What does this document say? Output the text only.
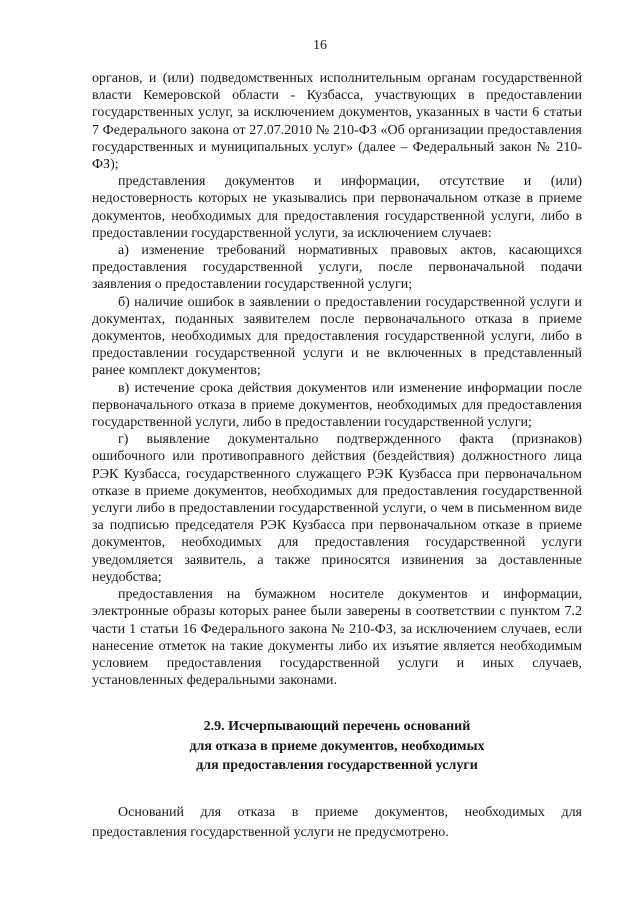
16

органов, и (или) подведомственных исполнительным органам государственной власти Кемеровской области - Кузбасса, участвующих в предоставлении государственных услуг, за исключением документов, указанных в части 6 статьи 7 Федерального закона от 27.07.2010 № 210-ФЗ «Об организации предоставления государственных и муниципальных услуг» (далее – Федеральный закон № 210-ФЗ);

представления документов и информации, отсутствие и (или) недостоверность которых не указывались при первоначальном отказе в приеме документов, необходимых для предоставления государственной услуги, либо в предоставлении государственной услуги, за исключением случаев:

а) изменение требований нормативных правовых актов, касающихся предоставления государственной услуги, после первоначальной подачи заявления о предоставлении государственной услуги;

б) наличие ошибок в заявлении о предоставлении государственной услуги и документах, поданных заявителем после первоначального отказа в приеме документов, необходимых для предоставления государственной услуги, либо в предоставлении государственной услуги и не включенных в представленный ранее комплект документов;

в) истечение срока действия документов или изменение информации после первоначального отказа в приеме документов, необходимых для предоставления государственной услуги, либо в предоставлении государственной услуги;

г) выявление документально подтвержденного факта (признаков) ошибочного или противоправного действия (бездействия) должностного лица РЭК Кузбасса, государственного служащего РЭК Кузбасса при первоначальном отказе в приеме документов, необходимых для предоставления государственной услуги либо в предоставлении государственной услуги, о чем в письменном виде за подписью председателя РЭК Кузбасса при первоначальном отказе в приеме документов, необходимых для предоставления государственной услуги уведомляется заявитель, а также приносятся извинения за доставленные неудобства;

предоставления на бумажном носителе документов и информации, электронные образы которых ранее были заверены в соответствии с пунктом 7.2 части 1 статьи 16 Федерального закона № 210-ФЗ, за исключением случаев, если нанесение отметок на такие документы либо их изъятие является необходимым условием предоставления государственной услуги и иных случаев, установленных федеральными законами.

2.9. Исчерпывающий перечень оснований
для отказа в приеме документов, необходимых
для предоставления государственной услуги

Оснований для отказа в приеме документов, необходимых для предоставления государственной услуги не предусмотрено.
